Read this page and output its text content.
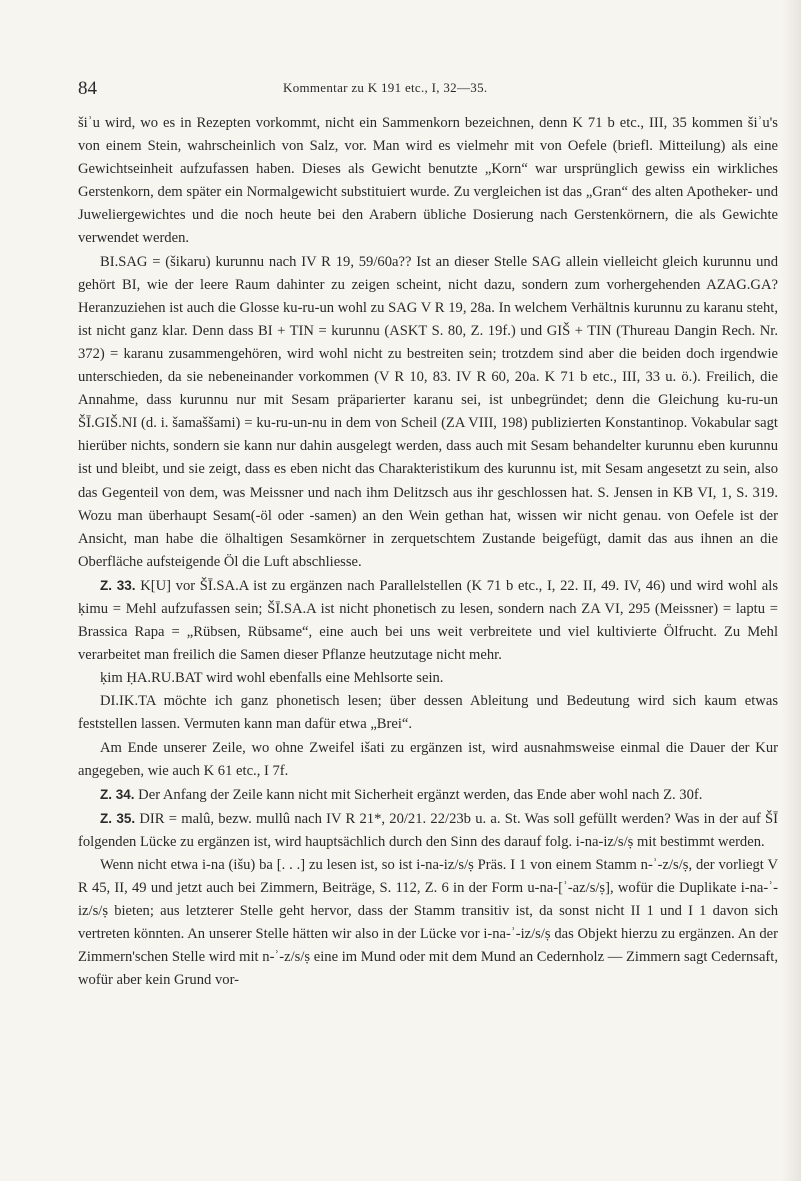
84	Kommentar zu K 191 etc., I, 32—35.

šiʾu wird, wo es in Rezepten vorkommt, nicht ein Sammenkorn bezeichnen, denn K 71 b etc., III, 35 kommen šiʾu's von einem Stein, wahrscheinlich von Salz, vor. Man wird es vielmehr mit von Oefele (briefl. Mitteilung) als eine Gewichtseinheit aufzufassen haben. Dieses als Gewicht benutzte „Korn“ war ursprünglich gewiss ein wirkliches Gerstenkorn, dem später ein Normalgewicht substituiert wurde. Zu vergleichen ist das „Gran“ des alten Apotheker- und Juweliergewichtes und die noch heute bei den Arabern übliche Dosierung nach Gerstenkörnern, die als Gewichte verwendet werden.

BI.SAG = (šikaru) kurunnu nach IV R 19, 59/60a?? Ist an dieser Stelle SAG allein vielleicht gleich kurunnu und gehört BI, wie der leere Raum dahinter zu zeigen scheint, nicht dazu, sondern zum vorhergehenden AZAG.GA? Heranzuziehen ist auch die Glosse ku-ru-un wohl zu SAG V R 19, 28a. In welchem Verhältnis kurunnu zu karanu steht, ist nicht ganz klar. Denn dass BI + TIN = kurunnu (ASKT S. 80, Z. 19f.) und GIŠ + TIN (Thureau Dangin Rech. Nr. 372) = karanu zusammengehören, wird wohl nicht zu bestreiten sein; trotzdem sind aber die beiden doch irgendwie unterschieden, da sie nebeneinander vorkommen (V R 10, 83. IV R 60, 20a. K 71 b etc., III, 33 u. ö.). Freilich, die Annahme, dass kurunnu nur mit Sesam präparierter karanu sei, ist unbegründet; denn die Gleichung ku-ru-un ŠĪ.GIŠ.NI (d. i. šamaššami) = ku-ru-un-nu in dem von Scheil (ZA VIII, 198) publizierten Konstantinop. Vokabular sagt hierüber nichts, sondern sie kann nur dahin ausgelegt werden, dass auch mit Sesam behandelter kurunnu eben kurunnu ist und bleibt, und sie zeigt, dass es eben nicht das Charakteristikum des kurunnu ist, mit Sesam angesetzt zu sein, also das Gegenteil von dem, was Meissner und nach ihm Delitzsch aus ihr geschlossen hat. S. Jensen in KB VI, 1, S. 319. Wozu man überhaupt Sesam(-öl oder -samen) an den Wein gethan hat, wissen wir nicht genau. von Oefele ist der Ansicht, man habe die ölhaltigen Sesamkörner in zerquetschtem Zustande beigefügt, damit das aus ihnen an die Oberfläche aufsteigende Öl die Luft abschliesse.

Z. 33. K[U] vor ŠĪ.SA.A ist zu ergänzen nach Parallelstellen (K 71 b etc., I, 22. II, 49. IV, 46) und wird wohl als ḳimu = Mehl aufzufassen sein; ŠĪ.SA.A ist nicht phonetisch zu lesen, sondern nach ZA VI, 295 (Meissner) = laptu = Brassica Rapa = „Rübsen, Rübsame“, eine auch bei uns weit verbreitete und viel kultivierte Ölfrucht. Zu Mehl verarbeitet man freilich die Samen dieser Pflanze heutzutage nicht mehr.

ḳim ḤA.RU.BAT wird wohl ebenfalls eine Mehlsorte sein.

DI.IK.TA möchte ich ganz phonetisch lesen; über dessen Ableitung und Bedeutung wird sich kaum etwas feststellen lassen. Vermuten kann man dafür etwa „Brei“.

Am Ende unserer Zeile, wo ohne Zweifel išati zu ergänzen ist, wird ausnahmsweise einmal die Dauer der Kur angegeben, wie auch K 61 etc., I 7f.

Z. 34. Der Anfang der Zeile kann nicht mit Sicherheit ergänzt werden, das Ende aber wohl nach Z. 30f.

Z. 35. DIR = malû, bezw. mullû nach IV R 21*, 20/21. 22/23b u. a. St. Was soll gefüllt werden? Was in der auf ŠĪ folgenden Lücke zu ergänzen ist, wird hauptsächlich durch den Sinn des darauf folg. i-na-iz/s/ṣ mit bestimmt werden.

Wenn nicht etwa i-na (išu) ba [. . .] zu lesen ist, so ist i-na-iz/s/ṣ Präs. I 1 von einem Stamm n-ʾ-z/s/ṣ, der vorliegt V R 45, II, 49 und jetzt auch bei Zimmern, Beiträge, S. 112, Z. 6 in der Form u-na-[ʾ-az/s/ṣ], wofür die Duplikate i-na-ʾ-iz/s/ṣ bieten; aus letzterer Stelle geht hervor, dass der Stamm transitiv ist, da sonst nicht II 1 und I 1 davon sich vertreten könnten. An unserer Stelle hätten wir also in der Lücke vor i-na-ʾ-iz/s/ṣ das Objekt hierzu zu ergänzen. An der Zimmern'schen Stelle wird mit n-ʾ-z/s/ṣ eine im Mund oder mit dem Mund an Cedernholz — Zimmern sagt Cedernsaft, wofür aber kein Grund vor-
